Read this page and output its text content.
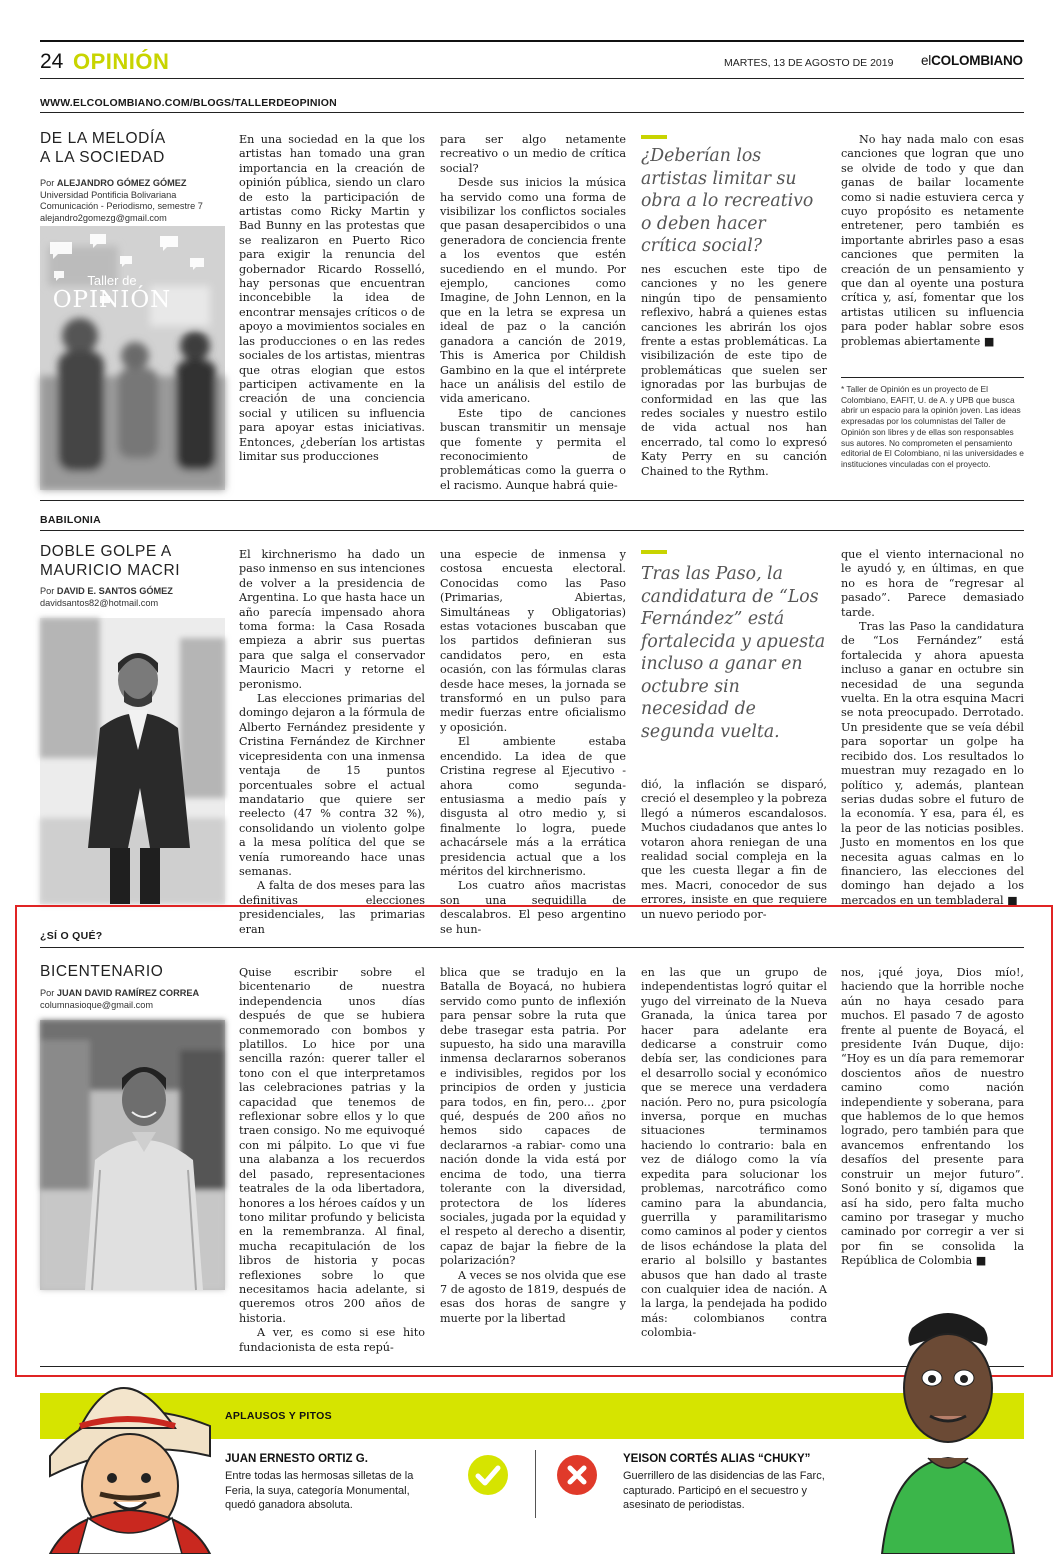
24 OPINIÓN	MARTES, 13 DE AGOSTO DE 2019 elCOLOMBIANO
WWW.ELCOLOMBIANO.COM/BLOGS/TALLERDEOPINION
DE LA MELODÍA
A LA SOCIEDAD
Por ALEJANDRO GÓMEZ GÓMEZ
Universidad Pontificia Bolivariana
Comunicación - Periodismo, semestre 7
alejandro2gomezg@gmail.com
Taller de
OPINIÓN

En una sociedad en la que los artistas han tomado una gran importancia en la creación de opinión pública, siendo un claro de esto la participación de artistas como Ricky Martin y Bad Bunny en las protestas que se realizaron en Puerto Rico para exigir la renuncia del gobernador Ricardo Rosselló, hay personas que encuentran inconcebible la idea de encontrar mensajes críticos o de apoyo a movimientos sociales en las producciones o en las redes sociales de los artistas, mientras que otras elogian que estos participen activamente en la creación de una conciencia social y utilicen su influencia para apoyar estas iniciativas. Entonces, ¿deberían los artistas limitar sus producciones

para ser algo netamente recreativo o un medio de crítica social?

Desde sus inicios la música ha servido como una forma de visibilizar los conflictos sociales que pasan desapercibidos o una generadora de conciencia frente a los eventos que estén sucediendo en el mundo. Por ejemplo, canciones como Imagine, de John Lennon, en la que en la letra se expresa un ideal de paz o la canción ganadora a canción de 2019, This is America por Childish Gambino en la que el intérprete hace un análisis del estilo de vida americano.

Este tipo de canciones buscan transmitir un mensaje que fomente y permita el reconocimiento de problemáticas como la guerra o el racismo. Aunque habrá quie-

¿Deberían los artistas limitar su obra a lo recreativo o deben hacer crítica social?

nes escuchen este tipo de canciones y no les genere ningún tipo de pensamiento reflexivo, habrá a quienes estas canciones les abrirán los ojos frente a estas problemáticas. La visibilización de este tipo de problemáticas que suelen ser ignoradas por las burbujas de conformidad en las que las redes sociales y nuestro estilo de vida actual nos han encerrado, tal como lo expresó Katy Perry en su canción Chained to the Rythm.

No hay nada malo con esas canciones que logran que uno se olvide de todo y que dan ganas de bailar locamente como si nadie estuviera cerca y cuyo propósito es netamente entretener, pero también es importante abrirles paso a esas canciones que permiten la creación de un pensamiento y que dan al oyente una postura crítica y, así, fomentar que los artistas utilicen su influencia para poder hablar sobre esos problemas abiertamente ■

* Taller de Opinión es un proyecto de El Colombiano, EAFIT, U. de A. y UPB que busca abrir un espacio para la opinión joven. Las ideas expresadas por los columnistas del Taller de Opinión son libres y de ellas son responsables sus autores. No comprometen el pensamiento editorial de El Colombiano, ni las universidades e instituciones vinculadas con el proyecto.
BABILONIA
DOBLE GOLPE A
MAURICIO MACRI
Por DAVID E. SANTOS GÓMEZ
davidsantos82@hotmail.com

El kirchnerismo ha dado un paso inmenso en sus intenciones de volver a la presidencia de Argentina. Lo que hasta hace un año parecía impensado ahora toma forma: la Casa Rosada empieza a abrir sus puertas para que salga el conservador Mauricio Macri y retorne el peronismo.

Las elecciones primarias del domingo dejaron a la fórmula de Alberto Fernández presidente y Cristina Fernández de Kirchner vicepresidenta con una inmensa ventaja de 15 puntos porcentuales sobre el actual mandatario que quiere ser reelecto (47 % contra 32 %), consolidando un violento golpe a la mesa política del que se venía rumoreando hace unas semanas.

A falta de dos meses para las definitivas elecciones presidenciales, las primarias eran

una especie de inmensa y costosa encuesta electoral. Conocidas como las Paso (Primarias, Abiertas, Simultáneas y Obligatorias) estas votaciones buscaban que los partidos definieran sus candidatos pero, en esta ocasión, con las fórmulas claras desde hace meses, la jornada se transformó en un pulso para medir fuerzas entre oficialismo y oposición.

El ambiente estaba encendido. La idea de que Cristina regrese al Ejecutivo -ahora como segunda- entusiasma a medio país y disgusta al otro medio y, si finalmente lo logra, puede achacársele más a la errática presidencia actual que a los méritos del kirchnerismo.

Los cuatro años macristas son una seguidilla de descalabros. El peso argentino se hun-

Tras las Paso, la candidatura de “Los Fernández” está fortalecida y apuesta incluso a ganar en octubre sin necesidad de segunda vuelta.

dió, la inflación se disparó, creció el desempleo y la pobreza llegó a números escandalosos. Muchos ciudadanos que antes lo votaron ahora reniegan de una realidad social compleja en la que les cuesta llegar a fin de mes. Macri, conocedor de sus errores, insiste en que requiere un nuevo periodo por-

que el viento internacional no le ayudó y, en últimas, en que no es hora de “regresar al pasado”. Parece demasiado tarde.

Tras las Paso la candidatura de “Los Fernández” está fortalecida y ahora apuesta incluso a ganar en octubre sin necesidad de una segunda vuelta. En la otra esquina Macri se nota preocupado. Derrotado. Un presidente que se veía débil para soportar un golpe ha recibido dos. Los resultados lo muestran muy rezagado en lo político y, además, plantean serias dudas sobre el futuro de la economía. Y esa, para él, es la peor de las noticias posibles. Justo en momentos en los que necesita aguas calmas en lo financiero, las elecciones del domingo han dejado a los mercados en un tembladeral ■

¿SÍ O QUÉ?
BICENTENARIO
Por JUAN DAVID RAMÍREZ CORREA
columnasioque@gmail.com

Quise escribir sobre el bicentenario de nuestra independencia unos días después de que se hubiera conmemorado con bombos y platillos. Lo hice por una sencilla razón: querer taller el tono con el que interpretamos las celebraciones patrias y la capacidad que tenemos de reflexionar sobre ellos y lo que traen consigo. No me equivoqué con mi pálpito. Lo que vi fue una alabanza a los recuerdos del pasado, representaciones teatrales de la oda libertadora, honores a los héroes caídos y un tono militar profundo y belicista en la remembranza. Al final, mucha recapitulación de los libros de historia y pocas reflexiones sobre lo que necesitamos hacia adelante, si queremos otros 200 años de historia.

A ver, es como si ese hito fundacionista de esta repú-

blica que se tradujo en la Batalla de Boyacá, no hubiera servido como punto de inflexión para pensar sobre la ruta que debe trasegar esta patria. Por supuesto, ha sido una maravilla inmensa declararnos soberanos e indivisibles, regidos por los principios de orden y justicia para todos, en fin, pero... ¿por qué, después de 200 años no hemos sido capaces de declararnos -a rabiar- como una nación donde la vida está por encima de todo, una tierra tolerante con la diversidad, protectora de los líderes sociales, jugada por la equidad y el respeto al derecho a disentir, capaz de bajar la fiebre de la polarización?

A veces se nos olvida que ese 7 de agosto de 1819, después de esas dos horas de sangre y muerte por la libertad

en las que un grupo de independentistas logró quitar el yugo del virreinato de la Nueva Granada, la única tarea por hacer para adelante era dedicarse a construir como debía ser, las condiciones para el desarrollo social y económico que se merece una verdadera nación. Pero no, pura psicología inversa, porque en muchas situaciones terminamos haciendo lo contrario: bala en vez de diálogo como la vía expedita para solucionar los problemas, narcotráfico como camino para la abundancia, guerrilla y paramilitarismo como caminos al poder y cientos de lisos echándose la plata del erario al bolsillo y bastantes abusos que han dado al traste con cualquier idea de nación. A la larga, la pendejada ha podido más: colombianos contra colombia-

nos, ¡qué joya, Dios mío!, haciendo que la horrible noche aún no haya cesado para muchos. El pasado 7 de agosto frente al puente de Boyacá, el presidente Iván Duque, dijo: “Hoy es un día para rememorar doscientos años de nuestro camino como nación independiente y soberana, para que hablemos de lo que hemos logrado, pero también para que avancemos enfrentando los desafíos del presente para construir un mejor futuro”. Sonó bonito y sí, digamos que así ha sido, pero falta mucho camino por trasegar y mucho caminado por corregir a ver si por fin se consolida la República de Colombia ■

APLAUSOS Y PITOS
JUAN ERNESTO ORTIZ G.
Entre todas las hermosas silletas de la Feria, la suya, categoría Monumental, quedó ganadora absoluta.
YEISON CORTÉS ALIAS “CHUKY”
Guerrillero de las disidencias de las Farc, capturado. Participó en el secuestro y asesinato de periodistas.
